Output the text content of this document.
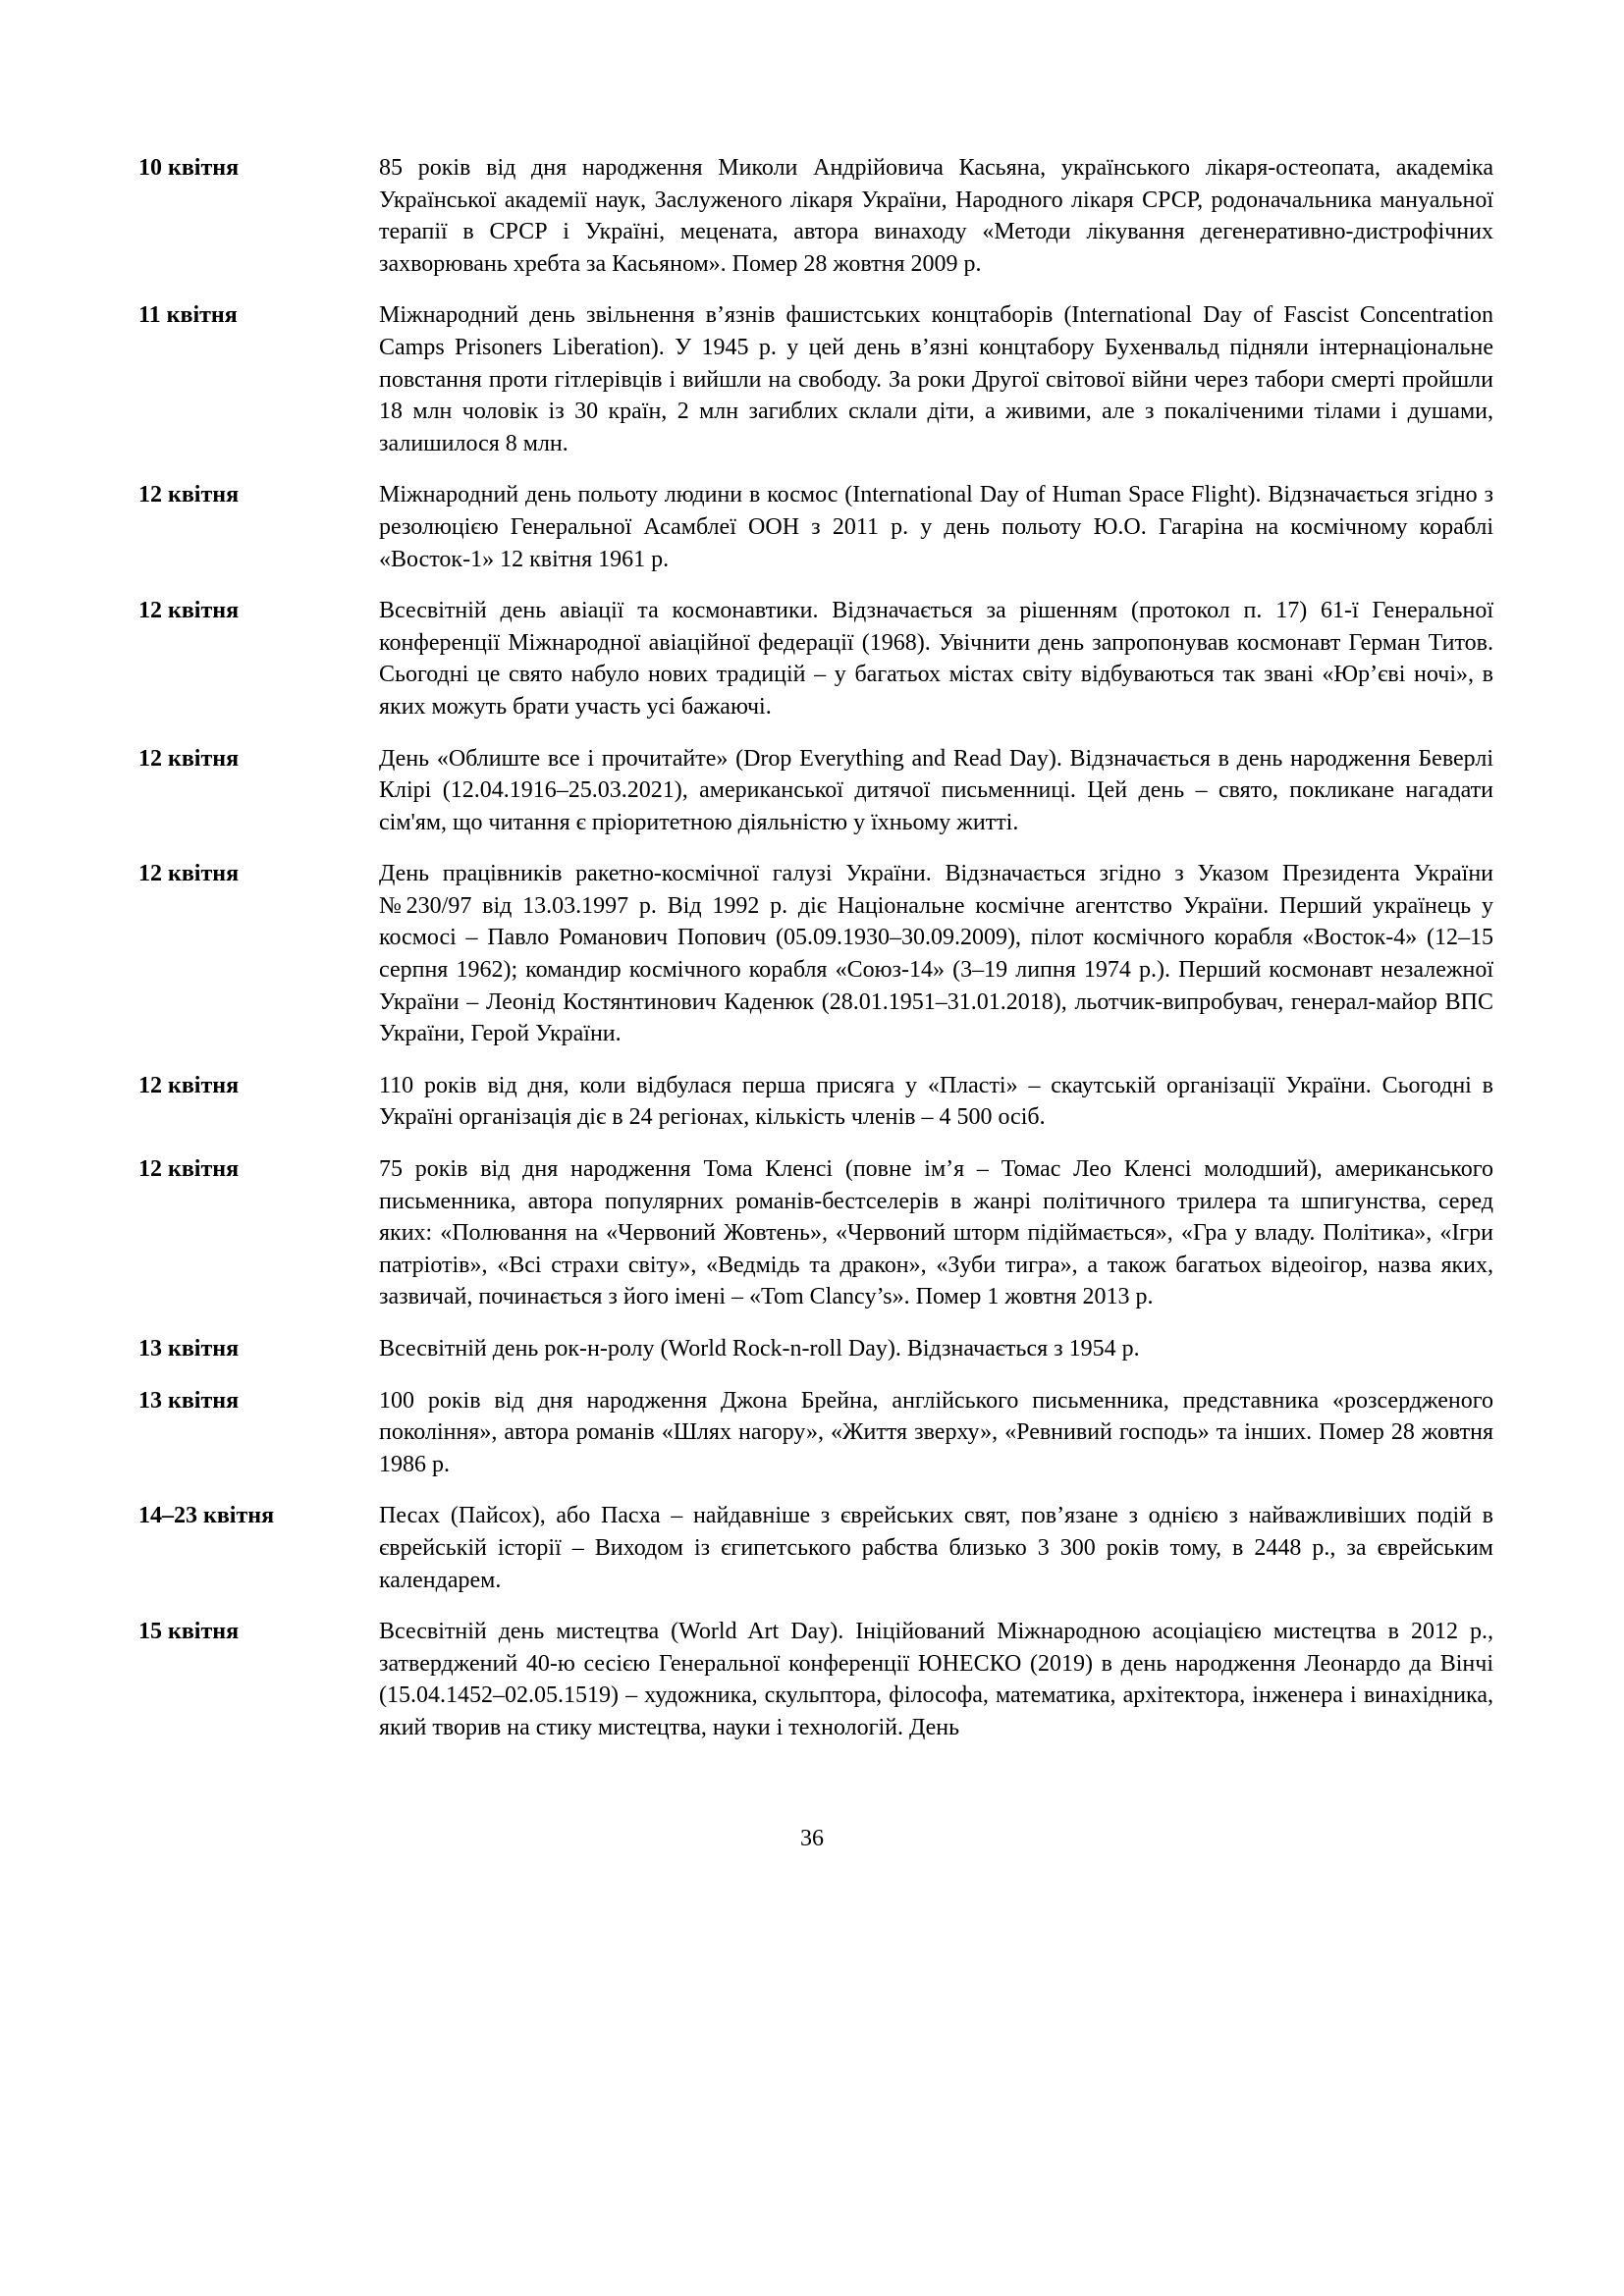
10 квітня	85 років від дня народження Миколи Андрійовича Касьяна, українського лікаря-остеопата, академіка Української академії наук, Заслуженого лікаря України, Народного лікаря СРСР, родоначальника мануальної терапії в СРСР і Україні, мецената, автора винаходу «Методи лікування дегенеративно-дистрофічних захворювань хребта за Касьяном». Помер 28 жовтня 2009 р.
11 квітня	Міжнародний день звільнення в’язнів фашистських концтаборів (International Day of Fascist Concentration Camps Prisoners Liberation). У 1945 р. у цей день в’язні концтабору Бухенвальд підняли інтернаціональне повстання проти гітлерівців і вийшли на свободу. За роки Другої світової війни через табори смерті пройшли 18 млн чоловік із 30 країн, 2 млн загиблих склали діти, а живими, але з покаліченими тілами і душами, залишилося 8 млн.
12 квітня	Міжнародний день польоту людини в космос (International Day of Human Space Flight). Відзначається згідно з резолюцією Генеральної Асамблеї ООН з 2011 р. у день польоту Ю.О. Гагаріна на космічному кораблі «Восток-1» 12 квітня 1961 р.
12 квітня	Всесвітній день авіації та космонавтики. Відзначається за рішенням (протокол п. 17) 61-ї Генеральної конференції Міжнародної авіаційної федерації (1968). Увічнити день запропонував космонавт Герман Титов. Сьогодні це свято набуло нових традицій – у багатьох містах світу відбуваються так звані «Юр’єві ночі», в яких можуть брати участь усі бажаючі.
12 квітня	День «Облиште все і прочитайте» (Drop Everything and Read Day). Відзначається в день народження Беверлі Клірі (12.04.1916–25.03.2021), американської дитячої письменниці. Цей день – свято, покликане нагадати сім'ям, що читання є пріоритетною діяльністю у їхньому житті.
12 квітня	День працівників ракетно-космічної галузі України. Відзначається згідно з Указом Президента України №230/97 від 13.03.1997 р. Від 1992 р. діє Національне космічне агентство України. Перший українець у космосі – Павло Романович Попович (05.09.1930–30.09.2009), пілот космічного корабля «Восток-4» (12–15 серпня 1962); командир космічного корабля «Союз-14» (3–19 липня 1974 р.). Перший космонавт незалежної України – Леонід Костянтинович Каденюк (28.01.1951–31.01.2018), льотчик-випробувач, генерал-майор ВПС України, Герой України.
12 квітня	110 років від дня, коли відбулася перша присяга у «Пласті» – скаутській організації України. Сьогодні в Україні організація діє в 24 регіонах, кількість членів – 4 500 осіб.
12 квітня	75 років від дня народження Тома Кленсі (повне ім’я – Томас Лео Кленсі молодший), американського письменника, автора популярних романів-бестселерів в жанрі політичного трилера та шпигунства, серед яких: «Полювання на «Червоний Жовтень», «Червоний шторм підіймається», «Гра у владу. Політика», «Ігри патріотів», «Всі страхи світу», «Ведмідь та дракон», «Зуби тигра», а також багатьох відеоігор, назва яких, зазвичай, починається з його імені – «Tom Clancy’s». Помер 1 жовтня 2013 р.
13 квітня	Всесвітній день рок-н-ролу (World Rock-n-roll Day). Відзначається з 1954 р.
13 квітня	100 років від дня народження Джона Брейна, англійського письменника, представника «розсердженого покоління», автора романів «Шлях нагору», «Життя зверху», «Ревнивий господь» та інших. Помер 28 жовтня 1986 р.
14–23 квітня	Песах (Пайсох), або Пасха – найдавніше з єврейських свят, пов’язане з однією з найважливіших подій в єврейській історії – Виходом із єгипетського рабства близько 3 300 років тому, в 2448 р., за єврейським календарем.
15 квітня	Всесвітній день мистецтва (World Art Day). Ініційований Міжнародною асоціацією мистецтва в 2012 р., затверджений 40-ю сесією Генеральної конференції ЮНЕСКО (2019) в день народження Леонардо да Вінчі (15.04.1452–02.05.1519) – художника, скульптора, філософа, математика, архітектора, інженера і винахідника, який творив на стику мистецтва, науки і технологій. День
36
